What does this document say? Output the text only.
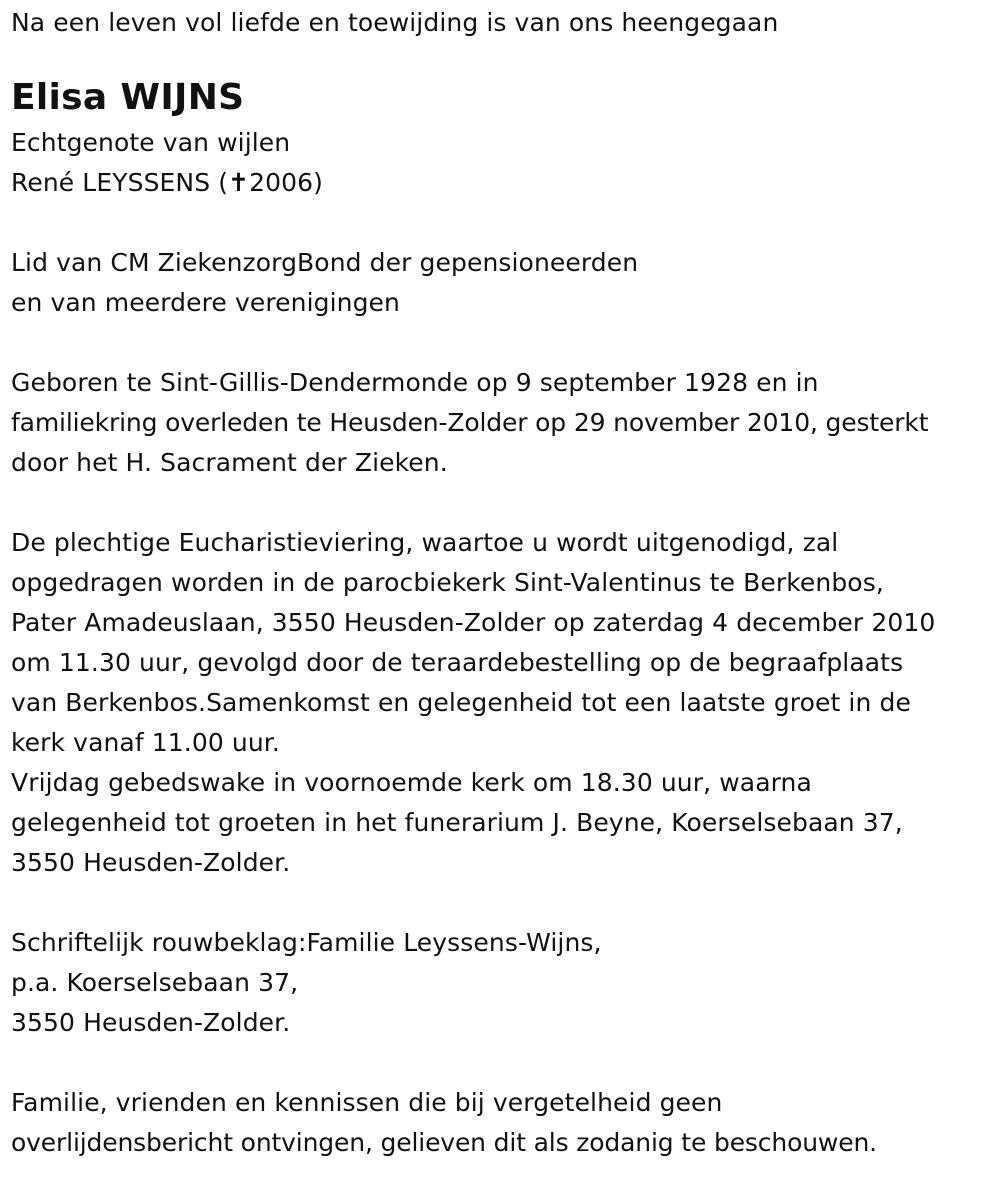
Na een leven vol liefde en toewijding is van ons heengegaan
Elisa WIJNS
Echtgenote van wijlen
René LEYSSENS (✝2006)
Lid van CM ZiekenzorgBond der gepensioneerden
en van meerdere verenigingen
Geboren te Sint-Gillis-Dendermonde op 9 september 1928 en in
familiekring overleden te Heusden-Zolder op 29 november 2010, gesterkt
door het H. Sacrament der Zieken.
De plechtige Eucharistieviering, waartoe u wordt uitgenodigd, zal
opgedragen worden in de parocbiekerk Sint-Valentinus te Berkenbos,
Pater Amadeuslaan, 3550 Heusden-Zolder op zaterdag 4 december 2010
om 11.30 uur, gevolgd door de teraardebestelling op de begraafplaats
van Berkenbos.Samenkomst en gelegenheid tot een laatste groet in de
kerk vanaf 11.00 uur.
Vrijdag gebedswake in voornoemde kerk om 18.30 uur, waarna
gelegenheid tot groeten in het funerarium J. Beyne, Koerselsebaan 37,
3550 Heusden-Zolder.
Schriftelijk rouwbeklag:Familie Leyssens-Wijns,
p.a. Koerselsebaan 37,
3550 Heusden-Zolder.
Familie, vrienden en kennissen die bij vergetelheid geen
overlijdensbericht ontvingen, gelieven dit als zodanig te beschouwen.
